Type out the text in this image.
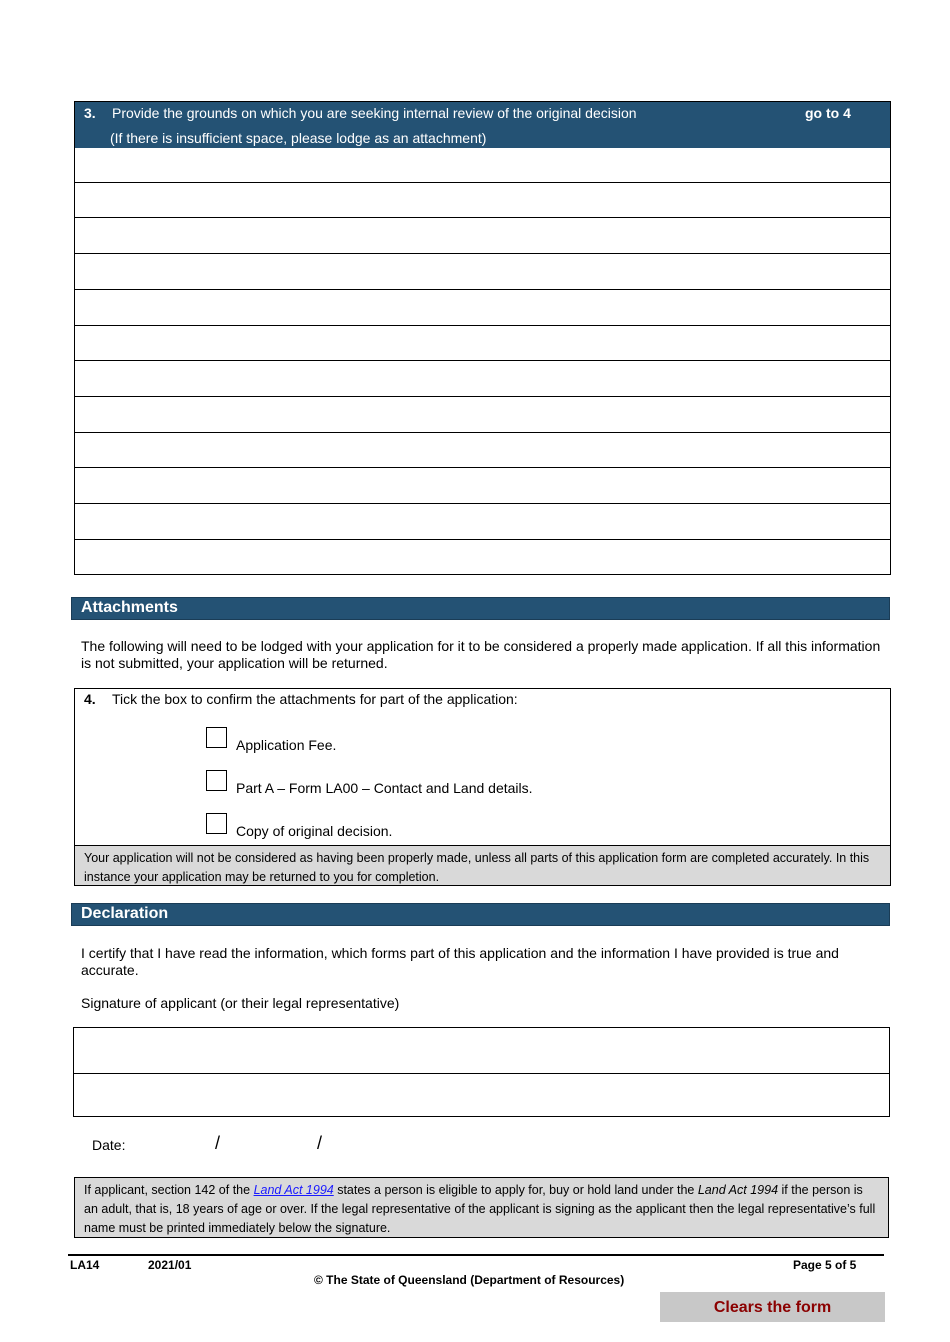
3. Provide the grounds on which you are seeking internal review of the original decision	go to 4
(If there is insufficient space, please lodge as an attachment)
Attachments
The following will need to be lodged with your application for it to be considered a properly made application. If all this information is not submitted, your application will be returned.
4. Tick the box to confirm the attachments for part of the application:
Application Fee.
Part A – Form LA00 – Contact and Land details.
Copy of original decision.
Your application will not be considered as having been properly made, unless all parts of this application form are completed accurately. In this instance your application may be returned to you for completion.
Declaration
I certify that I have read the information, which forms part of this application and the information I have provided is true and accurate.
Signature of applicant (or their legal representative)
Date:	/	/
If applicant, section 142 of the Land Act 1994 states a person is eligible to apply for, buy or hold land under the Land Act 1994 if the person is an adult, that is, 18 years of age or over. If the legal representative of the applicant is signing as the applicant then the legal representative’s full name must be printed immediately below the signature.
LA14	2021/01	Page 5 of 5
© The State of Queensland (Department of Resources)
Clears the form
